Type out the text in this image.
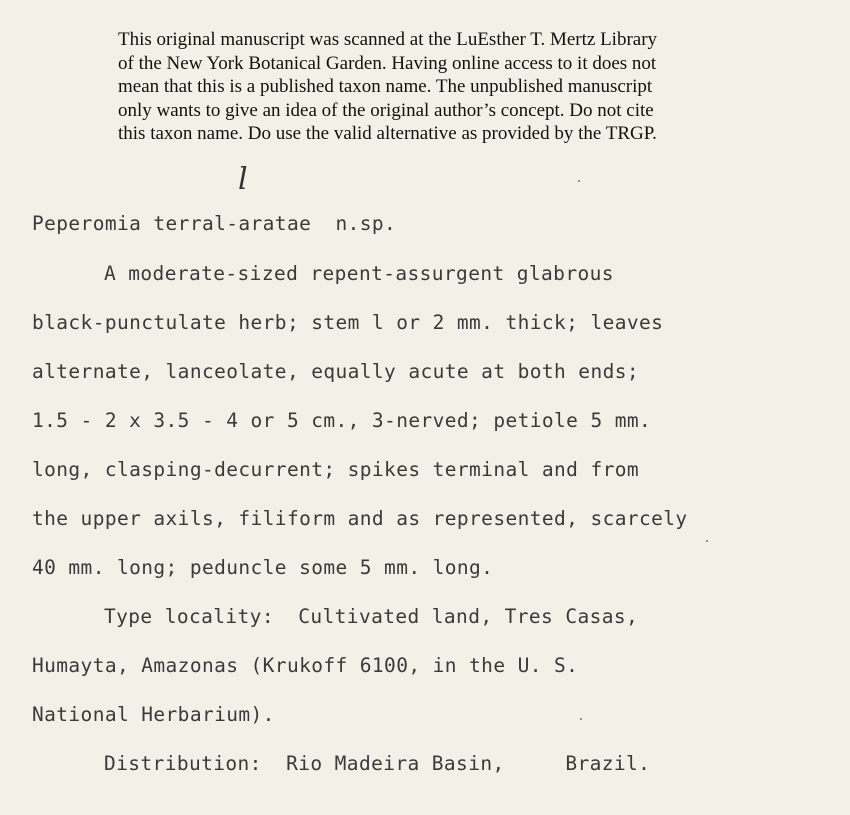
This original manuscript was scanned at the LuEsther T. Mertz Library
of the New York Botanical Garden. Having online access to it does not
mean that this is a published taxon name. The unpublished manuscript
only wants to give an idea of the original author’s concept. Do not cite
this taxon name. Do use the valid alternative as provided by the TRGP.
l
Peperomia terral-aratae  n.sp.
A moderate-sized repent-assurgent glabrous
black-punctulate herb; stem l or 2 mm. thick; leaves
alternate, lanceolate, equally acute at both ends;
1.5 - 2 x 3.5 - 4 or 5 cm., 3-nerved; petiole 5 mm.
long, clasping-decurrent; spikes terminal and from
the upper axils, filiform and as represented, scarcely
40 mm. long; peduncle some 5 mm. long.
Type locality:  Cultivated land, Tres Casas,
Humayta, Amazonas (Krukoff 6100, in the U. S.
National Herbarium).
Distribution:  Rio Madeira Basin,     Brazil.
